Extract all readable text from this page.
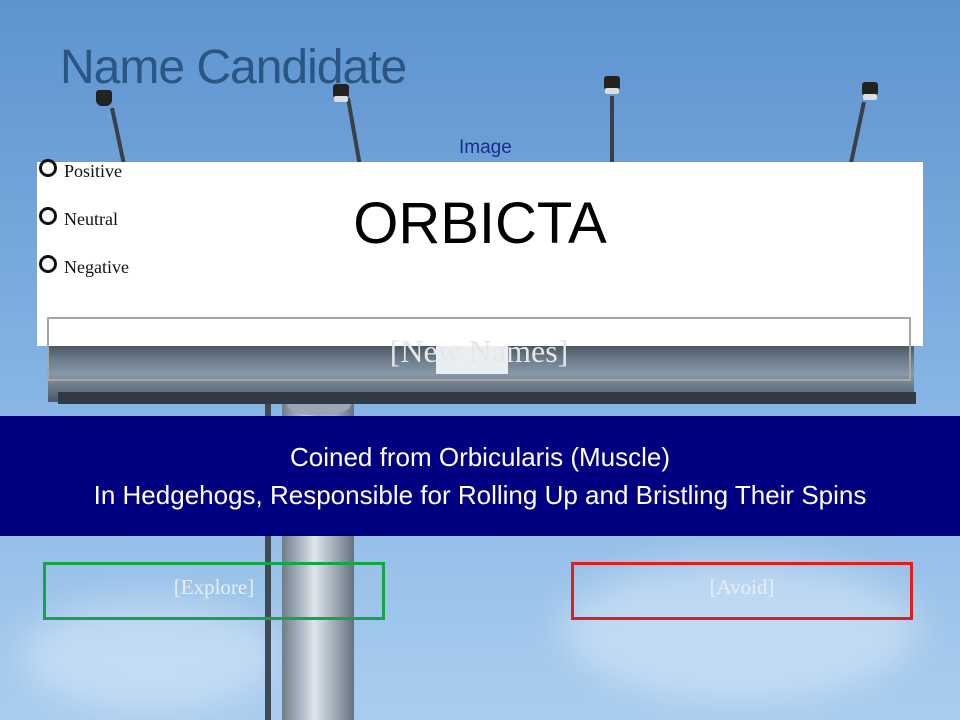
Name Candidate
Image
ORBICTA
Positive
Neutral
Negative
[New Names]
Coined from Orbicularis (Muscle)
In Hedgehogs, Responsible for Rolling Up and Bristling Their Spins
[Explore]	[Avoid]
